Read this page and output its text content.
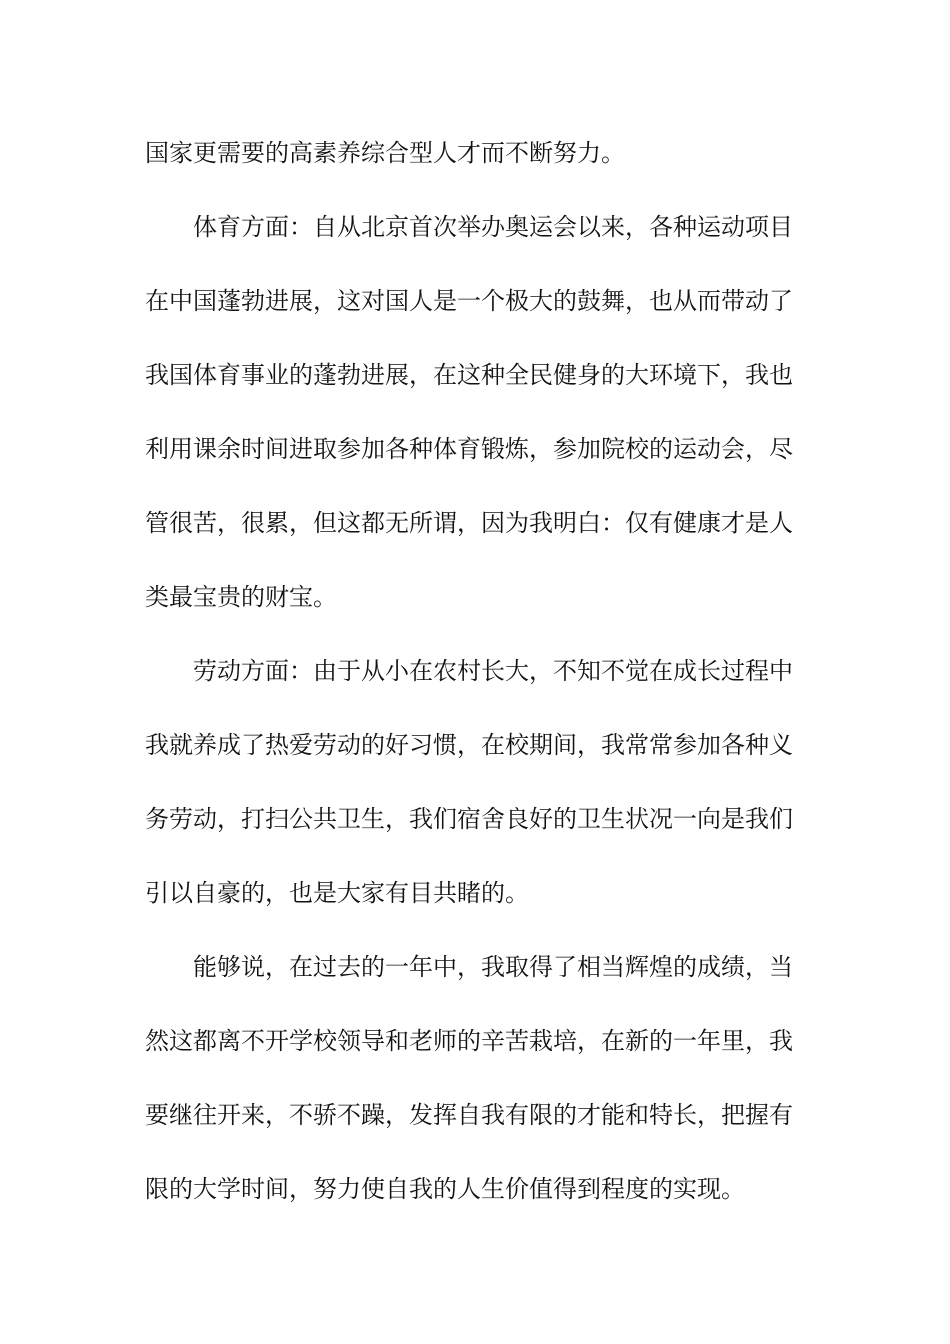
国家更需要的高素养综合型人才而不断努力。
体育方面：自从北京首次举办奥运会以来，各种运动项目
在中国蓬勃进展，这对国人是一个极大的鼓舞，也从而带动了
我国体育事业的蓬勃进展，在这种全民健身的大环境下，我也
利用课余时间进取参加各种体育锻炼，参加院校的运动会，尽
管很苦，很累，但这都无所谓，因为我明白：仅有健康才是人
类最宝贵的财宝。
劳动方面：由于从小在农村长大，不知不觉在成长过程中
我就养成了热爱劳动的好习惯，在校期间，我常常参加各种义
务劳动，打扫公共卫生，我们宿舍良好的卫生状况一向是我们
引以自豪的，也是大家有目共睹的。
能够说，在过去的一年中，我取得了相当辉煌的成绩，当
然这都离不开学校领导和老师的辛苦栽培，在新的一年里，我
要继往开来，不骄不躁，发挥自我有限的才能和特长，把握有
限的大学时间，努力使自我的人生价值得到程度的实现。
